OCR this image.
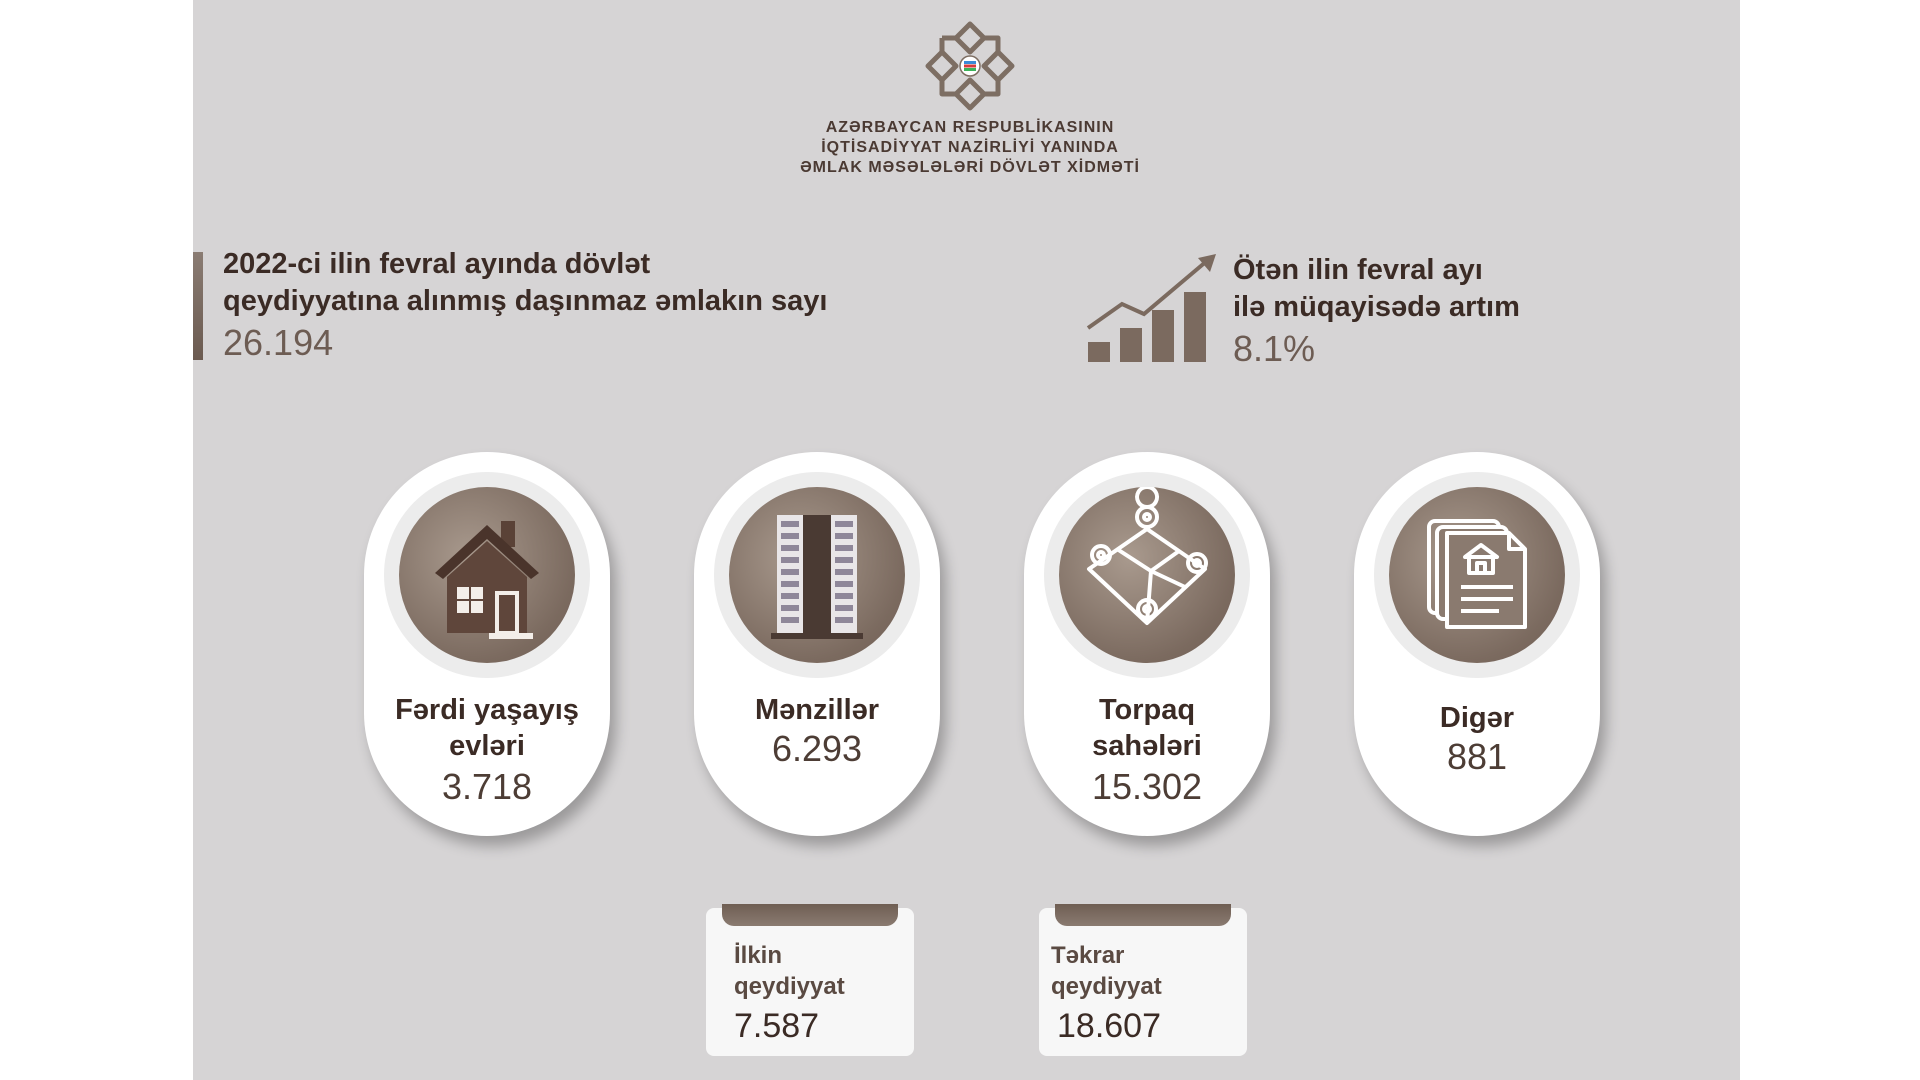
AZƏRBAYCAN RESPUBLİKASININ
İQTİSADİYYAT NAZİRLİYİ YANINDA
ƏMLAK MƏSƏLƏLƏRİ DÖVLƏT XİDMƏTİ
2022-ci ilin fevral ayında dövlət
qeydiyyatına alınmış daşınmaz əmlakın sayı
26.194
Ötən ilin fevral ayı
ilə müqayisədə artım
8.1%
Fərdi yaşayış
evləri
3.718
Mənzillər
6.293
Torpaq
sahələri
15.302
Digər
881
İlkin
qeydiyyat
7.587
Təkrar
qeydiyyat
18.607
